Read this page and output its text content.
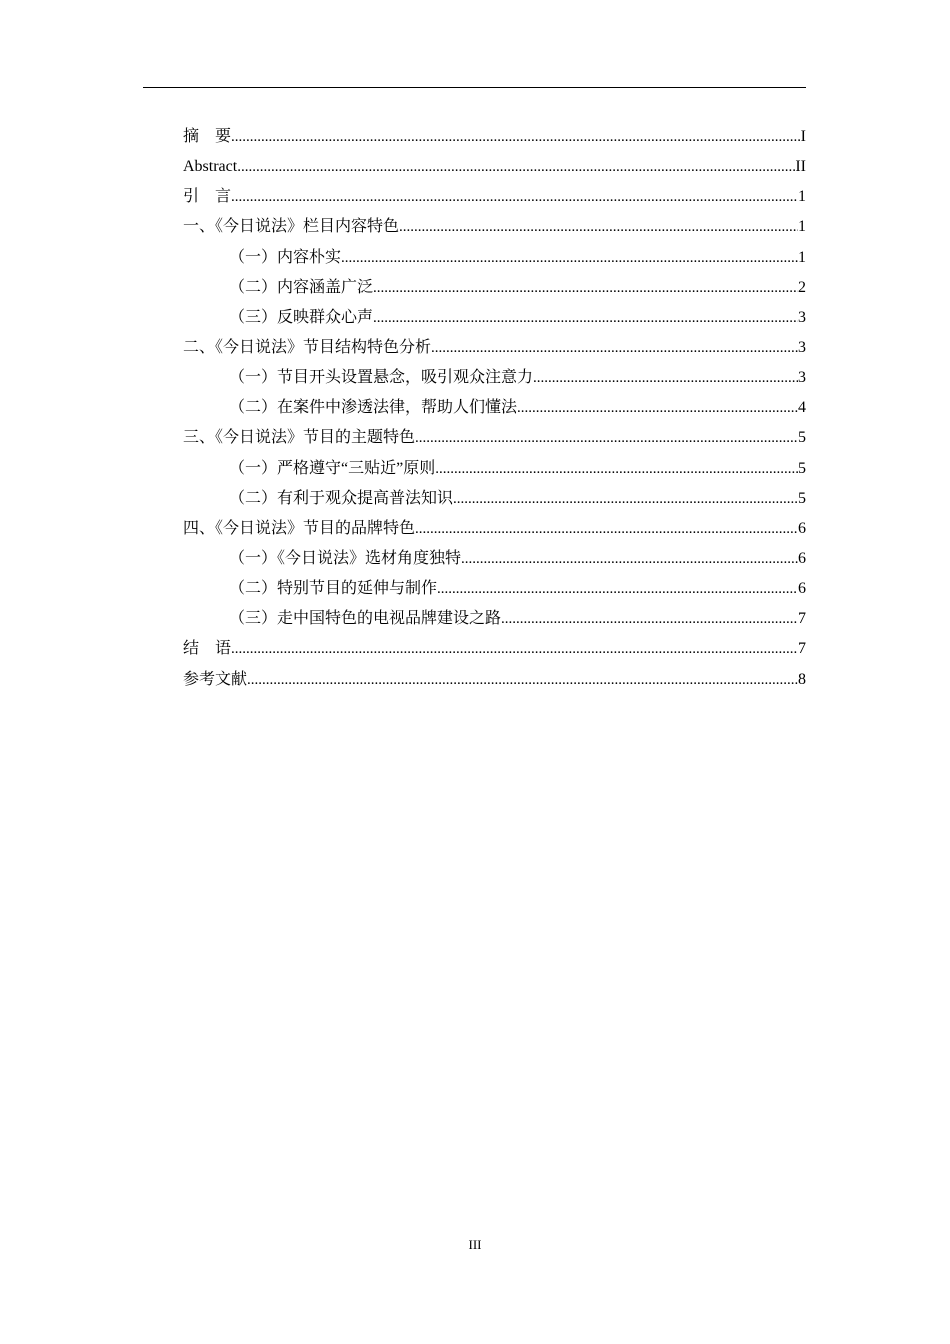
摘　要 .....	I
Abstract .....	II
引　言 .....	1
一、《今日说法》栏目内容特色 .....	1
（一）内容朴实 .....	1
（二）内容涵盖广泛 .....	2
（三）反映群众心声 .....	3
二、《今日说法》节目结构特色分析 .....	3
（一）节目开头设置悬念，吸引观众注意力 .....	3
（二）在案件中渗透法律，帮助人们懂法 .....	4
三、《今日说法》节目的主题特色 .....	5
（一）严格遵守“三贴近”原则 .....	5
（二）有利于观众提高普法知识 .....	5
四、《今日说法》节目的品牌特色 .....	6
（一）《今日说法》选材角度独特 .....	6
（二）特别节目的延伸与制作 .....	6
（三）走中国特色的电视品牌建设之路 .....	7
结　语 .....	7
参考文献 .....	8
III
